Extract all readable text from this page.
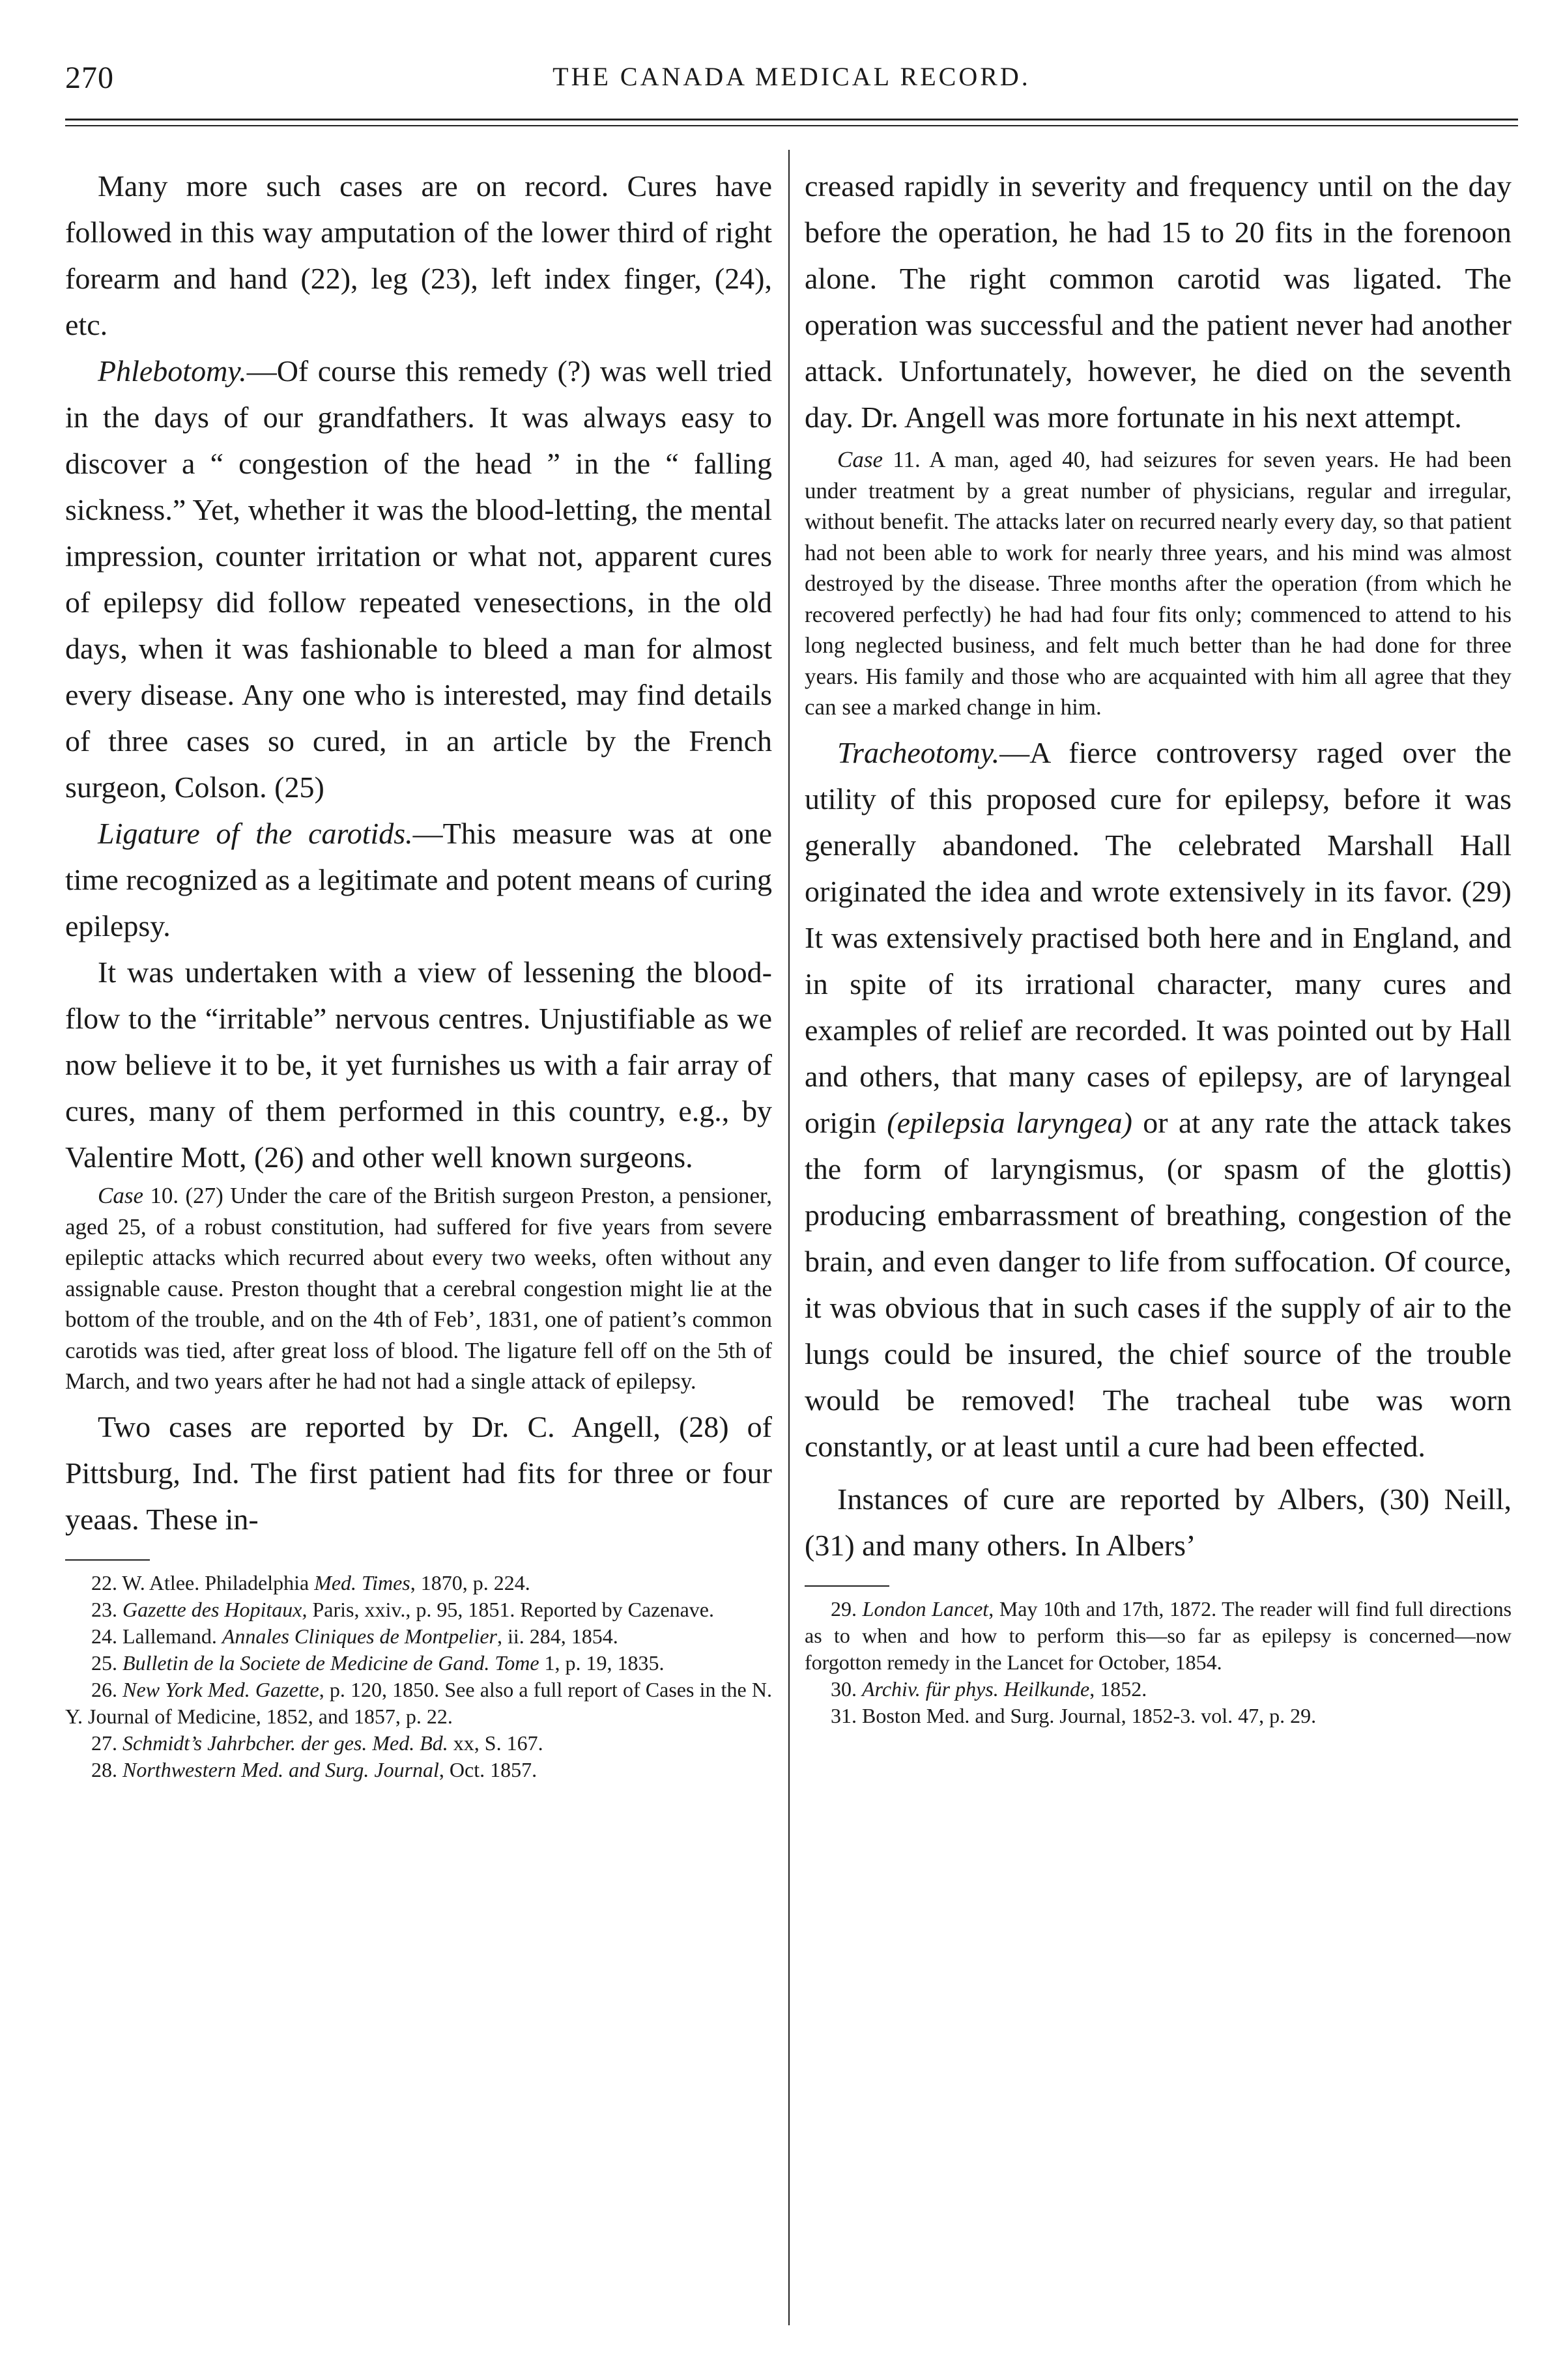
270	THE CANADA MEDICAL RECORD.

Many more such cases are on record. Cures have followed in this way amputation of the lower third of right forearm and hand (22), leg (23), left index finger, (24), etc.

Phlebotomy.—Of course this remedy (?) was well tried in the days of our grandfathers. It was always easy to discover a “ congestion of the head ” in the “ falling sickness.” Yet, whether it was the blood-letting, the mental impression, counter irritation or what not, apparent cures of epilepsy did follow repeated venesections, in the old days, when it was fashionable to bleed a man for almost every disease. Any one who is interested, may find details of three cases so cured, in an article by the French surgeon, Colson. (25)

Ligature of the carotids.—This measure was at one time recognized as a legitimate and potent means of curing epilepsy.

It was undertaken with a view of lessening the blood-flow to the “irritable” nervous centres. Unjustifiable as we now believe it to be, it yet furnishes us with a fair array of cures, many of them performed in this country, e.g., by Valentire Mott, (26) and other well known surgeons.

Case 10. (27) Under the care of the British surgeon Preston, a pensioner, aged 25, of a robust constitution, had suffered for five years from severe epileptic attacks which recurred about every two weeks, often without any assignable cause. Preston thought that a cerebral congestion might lie at the bottom of the trouble, and on the 4th of Feb’, 1831, one of patient’s common carotids was tied, after great loss of blood. The ligature fell off on the 5th of March, and two years after he had not had a single attack of epilepsy.

Two cases are reported by Dr. C. Angell, (28) of Pittsburg, Ind. The first patient had fits for three or four yeaas. These in-

22. W. Atlee. Philadelphia Med. Times, 1870, p. 224.

23. Gazette des Hopitaux, Paris, xxiv., p. 95, 1851. Reported by Cazenave.

24. Lallemand. Annales Cliniques de Montpelier, ii. 284, 1854.

25. Bulletin de la Societe de Medicine de Gand. Tome 1, p. 19, 1835.

26. New York Med. Gazette, p. 120, 1850. See also a full report of Cases in the N. Y. Journal of Medicine, 1852, and 1857, p. 22.

27. Schmidt’s Jahrbcher. der ges. Med. Bd. xx, S. 167.

28. Northwestern Med. and Surg. Journal, Oct. 1857.

creased rapidly in severity and frequency until on the day before the operation, he had 15 to 20 fits in the forenoon alone. The right common carotid was ligated. The operation was successful and the patient never had another attack. Unfortunately, however, he died on the seventh day. Dr. Angell was more fortunate in his next attempt.

Case 11. A man, aged 40, had seizures for seven years. He had been under treatment by a great number of physicians, regular and irregular, without benefit. The attacks later on recurred nearly every day, so that patient had not been able to work for nearly three years, and his mind was almost destroyed by the disease. Three months after the operation (from which he recovered perfectly) he had had four fits only; commenced to attend to his long neglected business, and felt much better than he had done for three years. His family and those who are acquainted with him all agree that they can see a marked change in him.

Tracheotomy.—A fierce controversy raged over the utility of this proposed cure for epilepsy, before it was generally abandoned. The celebrated Marshall Hall originated the idea and wrote extensively in its favor. (29) It was extensively practised both here and in England, and in spite of its irrational character, many cures and examples of relief are recorded. It was pointed out by Hall and others, that many cases of epilepsy, are of laryngeal origin (epilepsia laryngea) or at any rate the attack takes the form of laryngismus, (or spasm of the glottis) producing embarrassment of breathing, congestion of the brain, and even danger to life from suffocation. Of cource, it was obvious that in such cases if the supply of air to the lungs could be insured, the chief source of the trouble would be removed! The tracheal tube was worn constantly, or at least until a cure had been effected.

Instances of cure are reported by Albers, (30) Neill, (31) and many others. In Albers’

29. London Lancet, May 10th and 17th, 1872. The reader will find full directions as to when and how to perform this—so far as epilepsy is concerned—now forgotton remedy in the Lancet for October, 1854.

30. Archiv. für phys. Heilkunde, 1852.

31. Boston Med. and Surg. Journal, 1852-3. vol. 47, p. 29.
